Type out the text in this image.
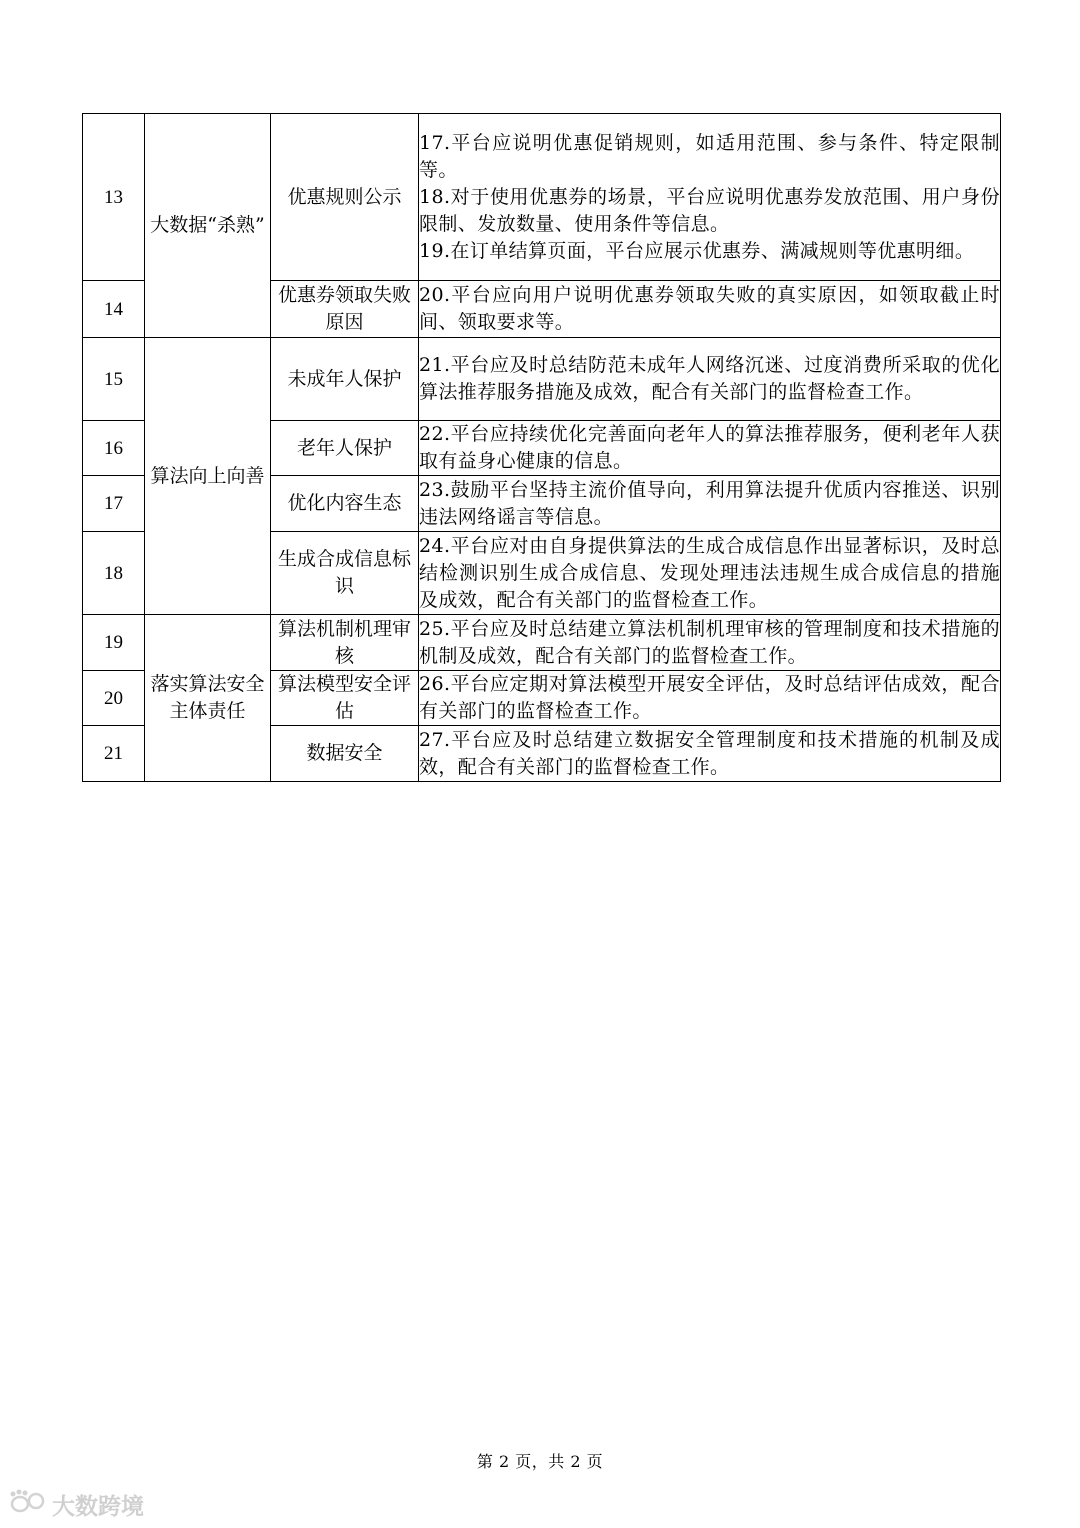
13	大数据“杀熟”	优惠规则公示	17.平台应说明优惠促销规则，如适用范围、参与条件、特定限制等。
18.对于使用优惠券的场景，平台应说明优惠券发放范围、用户身份限制、发放数量、使用条件等信息。
19.在订单结算页面，平台应展示优惠券、满减规则等优惠明细。

14		优惠券领取失败原因	20.平台应向用户说明优惠券领取失败的真实原因，如领取截止时间、领取要求等。

15	算法向上向善	未成年人保护	21.平台应及时总结防范未成年人网络沉迷、过度消费所采取的优化算法推荐服务措施及成效，配合有关部门的监督检查工作。

16		老年人保护	22.平台应持续优化完善面向老年人的算法推荐服务，便利老年人获取有益身心健康的信息。

17		优化内容生态	23.鼓励平台坚持主流价值导向，利用算法提升优质内容推送、识别违法网络谣言等信息。

18		生成合成信息标识	24.平台应对由自身提供算法的生成合成信息作出显著标识，及时总结检测识别生成合成信息、发现处理违法违规生成合成信息的措施及成效，配合有关部门的监督检查工作。

19	落实算法安全主体责任	算法机制机理审核	25.平台应及时总结建立算法机制机理审核的管理制度和技术措施的机制及成效，配合有关部门的监督检查工作。

20		算法模型安全评估	26.平台应定期对算法模型开展安全评估，及时总结评估成效，配合有关部门的监督检查工作。

21		数据安全	27.平台应及时总结建立数据安全管理制度和技术措施的机制及成效，配合有关部门的监督检查工作。
第 2 页，共 2 页
大数跨境
